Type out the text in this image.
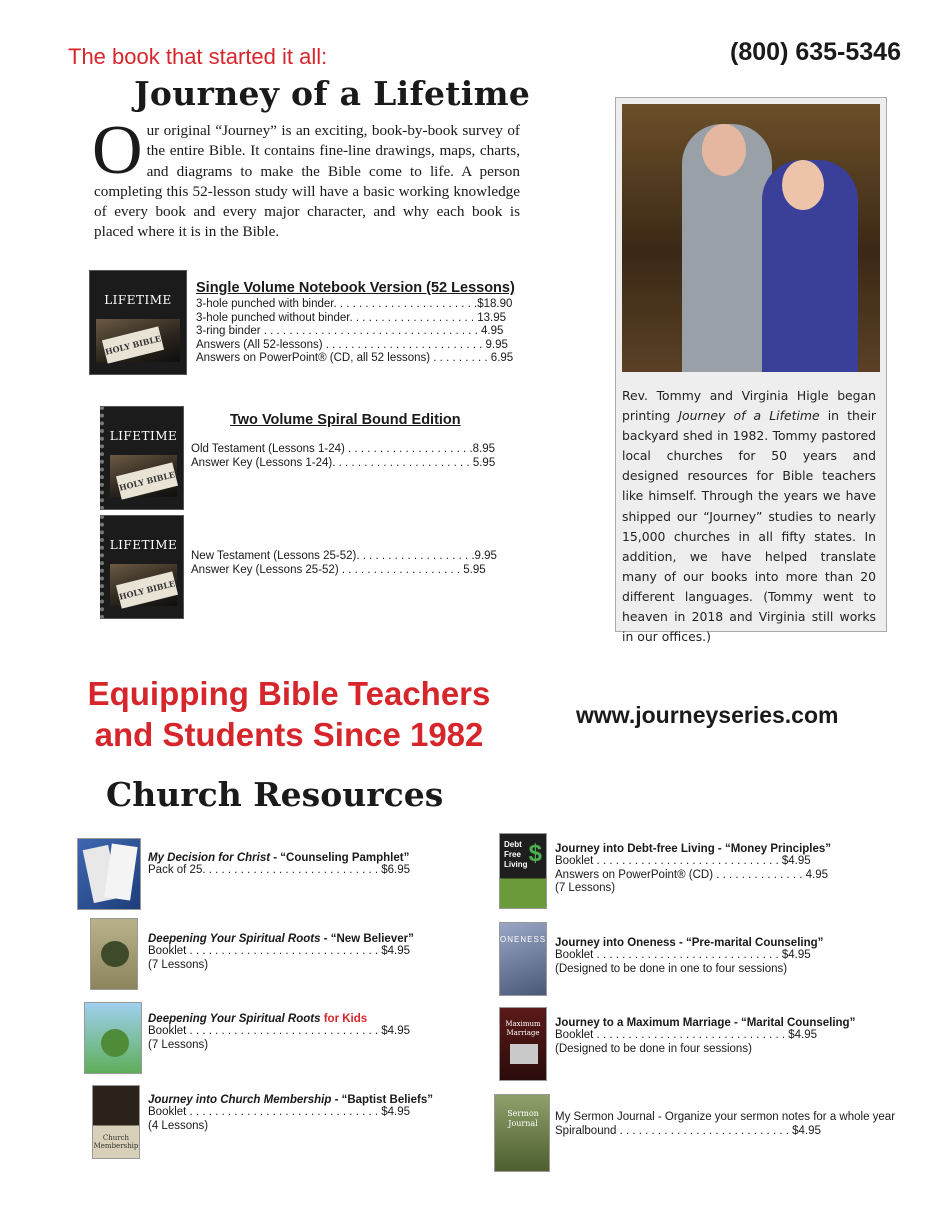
The book that started it all:	(800) 635-5346
Journey of a Lifetime
Our original “Journey” is an exciting, book-by-book survey of the entire Bible. It contains fine-line drawings, maps, charts, and diagrams to make the Bible come to life. A person completing this 52-lesson study will have a basic working knowledge of every book and every major character, and why each book is placed where it is in the Bible.
LIFETIME
HOLY BIBLE
Single Volume Notebook Version (52 Lessons)
3-hole punched with binder. . . . . . . . . . . . . . . . . . . . . . .$18.90
3-hole punched without binder. . . . . . . . . . . . . . . . . . . . 13.95
3-ring binder . . . . . . . . . . . . . . . . . . . . . . . . . . . . . . . . . . 4.95
Answers (All 52-lessons) . . . . . . . . . . . . . . . . . . . . . . . . . 9.95
Answers on PowerPoint® (CD, all 52 lessons) . . . . . . . . . 6.95
Two Volume Spiral Bound Edition
LIFETIME
HOLY BIBLE
Old Testament (Lessons 1-24) . . . . . . . . . . . . . . . . . . . .8.95
Answer Key (Lessons 1-24). . . . . . . . . . . . . . . . . . . . . . 5.95
LIFETIME
HOLY BIBLE
New Testament (Lessons 25-52). . . . . . . . . . . . . . . . . . .9.95
Answer Key (Lessons 25-52) . . . . . . . . . . . . . . . . . . . 5.95
Rev. Tommy and Virginia Higle began printing Journey of a Lifetime in their backyard shed in 1982. Tommy pastored local churches for 50 years and designed resources for Bible teachers like himself. Through the years we have shipped our “Journey” studies to nearly 15,000 churches in all fifty states. In addition, we have helped translate many of our books into more than 20 different languages. (Tommy went to heaven in 2018 and Virginia still works in our offices.)
Equipping Bible Teachers
and Students Since 1982
www.journeyseries.com
Church Resources
My Decision for Christ - “Counseling Pamphlet”
Pack of 25. . . . . . . . . . . . . . . . . . . . . . . . . . . . $6.95
Deepening Your Spiritual Roots - “New Believer”
Booklet . . . . . . . . . . . . . . . . . . . . . . . . . . . . . . $4.95
(7 Lessons)
Deepening Your Spiritual Roots for Kids
Booklet . . . . . . . . . . . . . . . . . . . . . . . . . . . . . . $4.95
(7 Lessons)
Church Membership
Journey into Church Membership - “Baptist Beliefs”
Booklet . . . . . . . . . . . . . . . . . . . . . . . . . . . . . . $4.95
(4 Lessons)
Debt Free Living $ Journey into Debt-free Living - “Money Principles”
Booklet . . . . . . . . . . . . . . . . . . . . . . . . . . . . . $4.95
Answers on PowerPoint® (CD) . . . . . . . . . . . . . . 4.95
(7 Lessons)
ONENESS Journey into Oneness - “Pre-marital Counseling”
Booklet . . . . . . . . . . . . . . . . . . . . . . . . . . . . . $4.95
(Designed to be done in one to four sessions)
Maximum Marriage
Journey to a Maximum Marriage - “Marital Counseling”
Booklet . . . . . . . . . . . . . . . . . . . . . . . . . . . . . . $4.95
(Designed to be done in four sessions)
Sermon Journal
My Sermon Journal - Organize your sermon notes for a whole year
Spiralbound . . . . . . . . . . . . . . . . . . . . . . . . . . . $4.95
